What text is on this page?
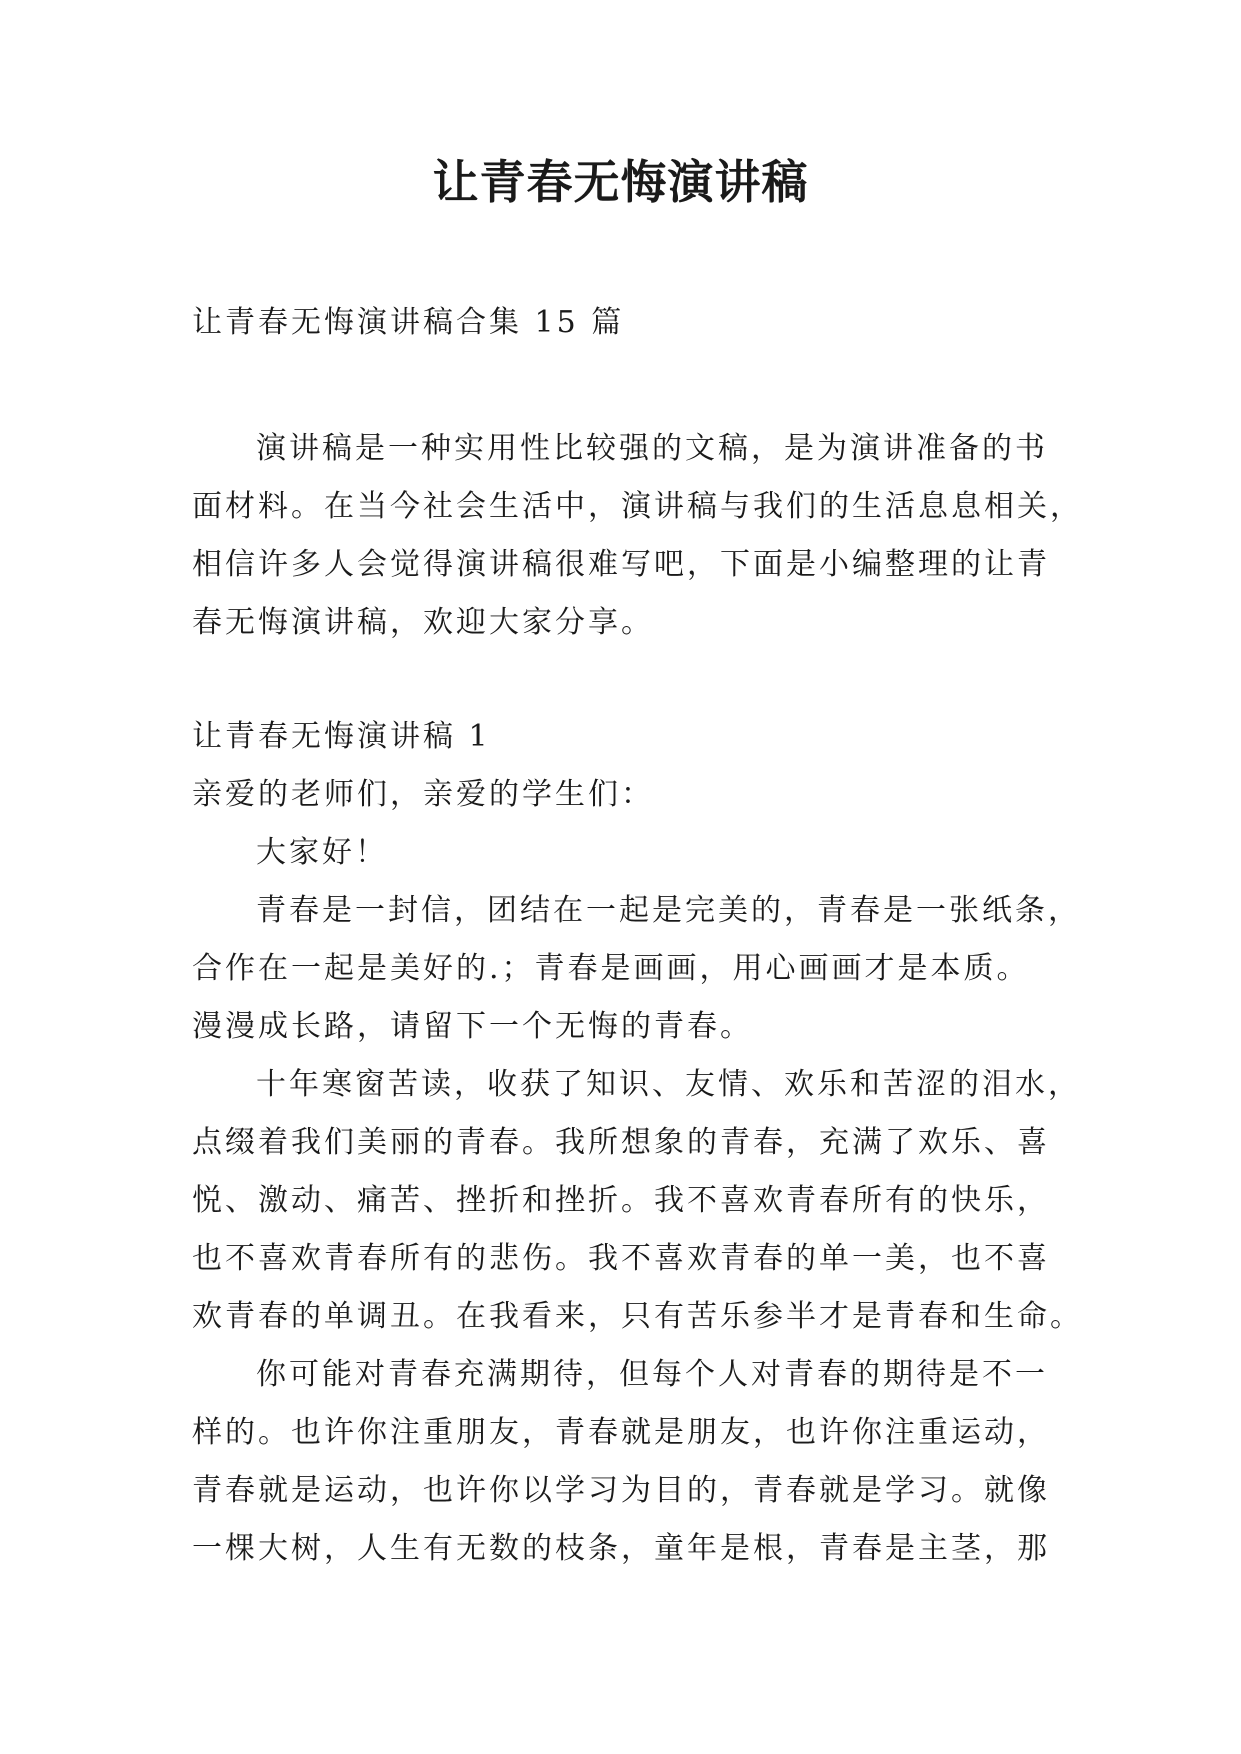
让青春无悔演讲稿
让青春无悔演讲稿合集 15 篇
演讲稿是一种实用性比较强的文稿，是为演讲准备的书
面材料。在当今社会生活中，演讲稿与我们的生活息息相关，
相信许多人会觉得演讲稿很难写吧，下面是小编整理的让青
春无悔演讲稿，欢迎大家分享。
让青春无悔演讲稿 1
亲爱的老师们，亲爱的学生们：
大家好！
青春是一封信，团结在一起是完美的，青春是一张纸条，
合作在一起是美好的.；青春是画画，用心画画才是本质。
漫漫成长路，请留下一个无悔的青春。
十年寒窗苦读，收获了知识、友情、欢乐和苦涩的泪水，
点缀着我们美丽的青春。我所想象的青春，充满了欢乐、喜
悦、激动、痛苦、挫折和挫折。我不喜欢青春所有的快乐，
也不喜欢青春所有的悲伤。我不喜欢青春的单一美，也不喜
欢青春的单调丑。在我看来，只有苦乐参半才是青春和生命。
你可能对青春充满期待，但每个人对青春的期待是不一
样的。也许你注重朋友，青春就是朋友，也许你注重运动，
青春就是运动，也许你以学习为目的，青春就是学习。就像
一棵大树，人生有无数的枝条，童年是根，青春是主茎，那
